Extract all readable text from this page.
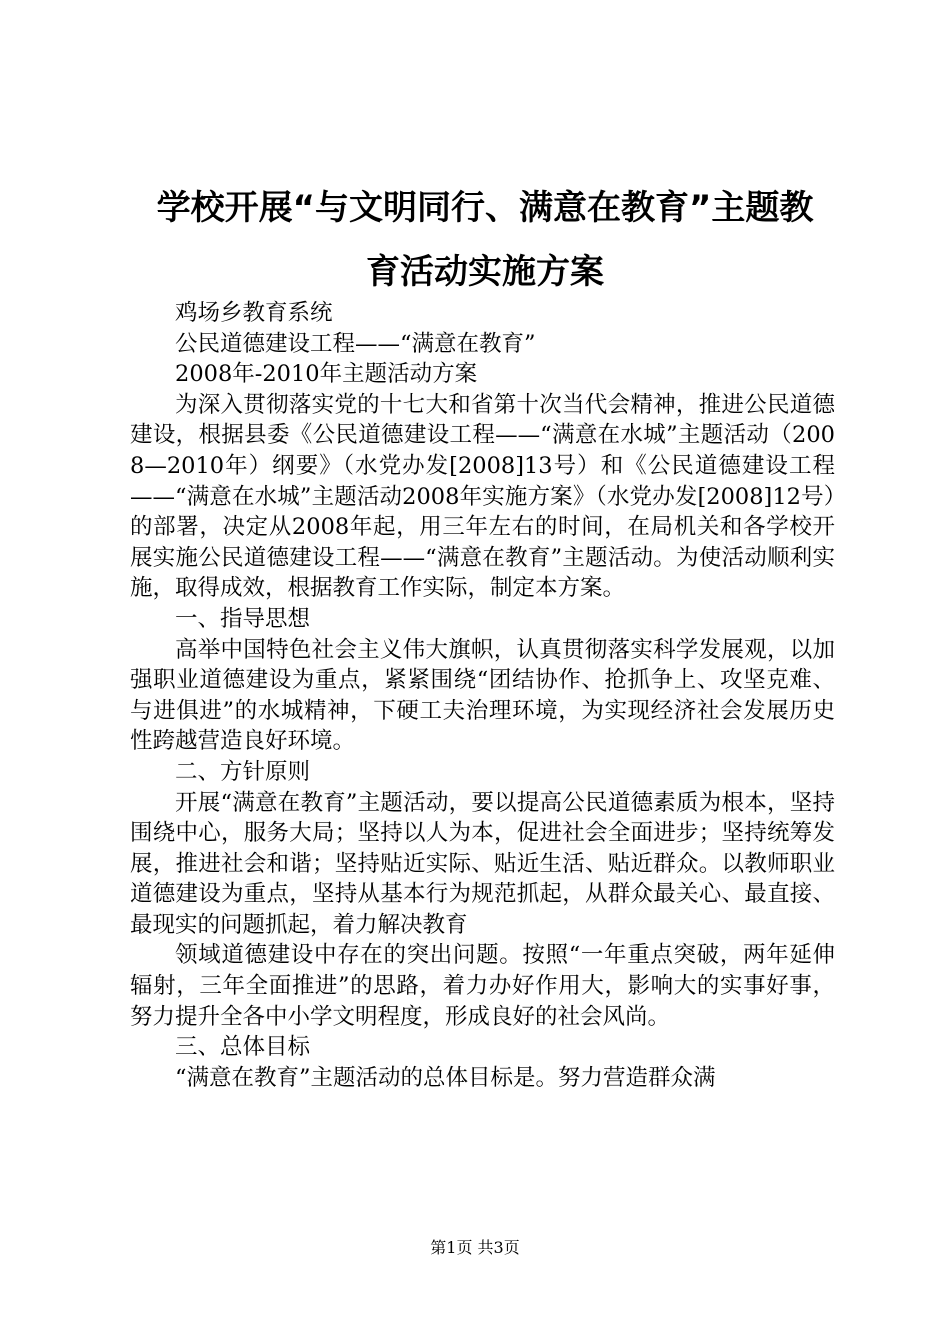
学校开展“与文明同行、满意在教育”主题教
育活动实施方案

鸡场乡教育系统

公民道德建设工程——“满意在教育”

2008年-2010年主题活动方案

为深入贯彻落实党的十七大和省第十次当代会精神，推进公民道德建设，根据县委《公民道德建设工程——“满意在水城”主题活动（2008—2010年）纲要》（水党办发[2008]13号）和《公民道德建设工程——“满意在水城”主题活动2008年实施方案》（水党办发[2008]12号）的部署，决定从2008年起，用三年左右的时间，在局机关和各学校开展实施公民道德建设工程——“满意在教育”主题活动。为使活动顺利实施，取得成效，根据教育工作实际，制定本方案。

一、指导思想

高举中国特色社会主义伟大旗帜，认真贯彻落实科学发展观，以加强职业道德建设为重点，紧紧围绕“团结协作、抢抓争上、攻坚克难、与进俱进”的水城精神，下硬工夫治理环境，为实现经济社会发展历史性跨越营造良好环境。

二、方针原则

开展“满意在教育”主题活动，要以提高公民道德素质为根本，坚持围绕中心，服务大局；坚持以人为本，促进社会全面进步；坚持统筹发展，推进社会和谐；坚持贴近实际、贴近生活、贴近群众。以教师职业道德建设为重点，坚持从基本行为规范抓起，从群众最关心、最直接、最现实的问题抓起，着力解决教育

领域道德建设中存在的突出问题。按照“一年重点突破，两年延伸辐射，三年全面推进”的思路，着力办好作用大，影响大的实事好事，努力提升全各中小学文明程度，形成良好的社会风尚。

三、总体目标

“满意在教育”主题活动的总体目标是。努力营造群众满

第1页 共3页
